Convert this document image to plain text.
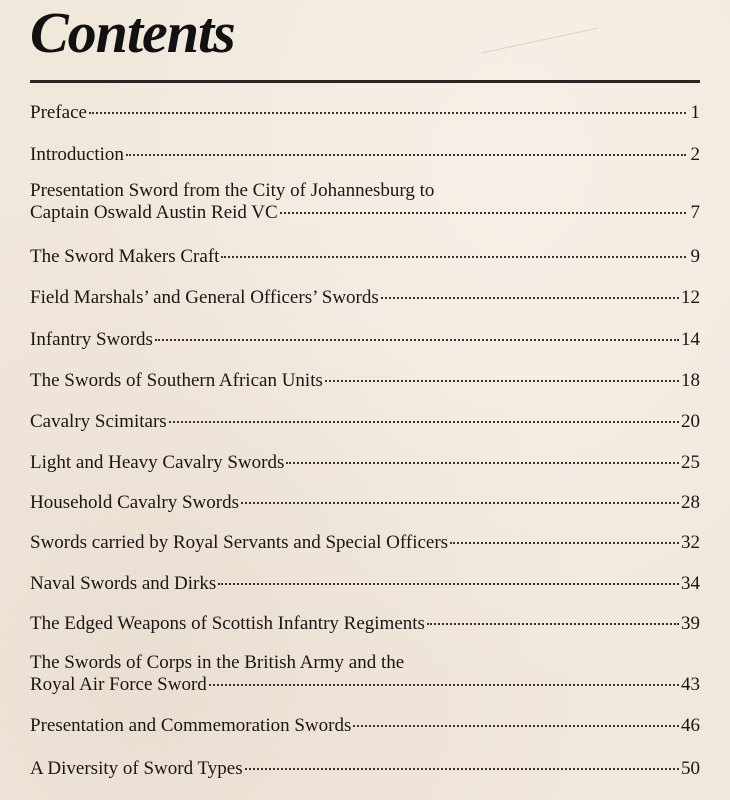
Contents
Preface	1
Introduction	2
Presentation Sword from the City of Johannesburg to
Captain Oswald Austin Reid VC	7
The Sword Makers Craft	9
Field Marshals’ and General Officers’ Swords	12
Infantry Swords	14
The Swords of Southern African Units	18
Cavalry Scimitars	20
Light and Heavy Cavalry Swords	25
Household Cavalry Swords	28
Swords carried by Royal Servants and Special Officers	32
Naval Swords and Dirks	34
The Edged Weapons of Scottish Infantry Regiments	39
The Swords of Corps in the British Army and the
Royal Air Force Sword	43
Presentation and Commemoration Swords	46
A Diversity of Sword Types	50
